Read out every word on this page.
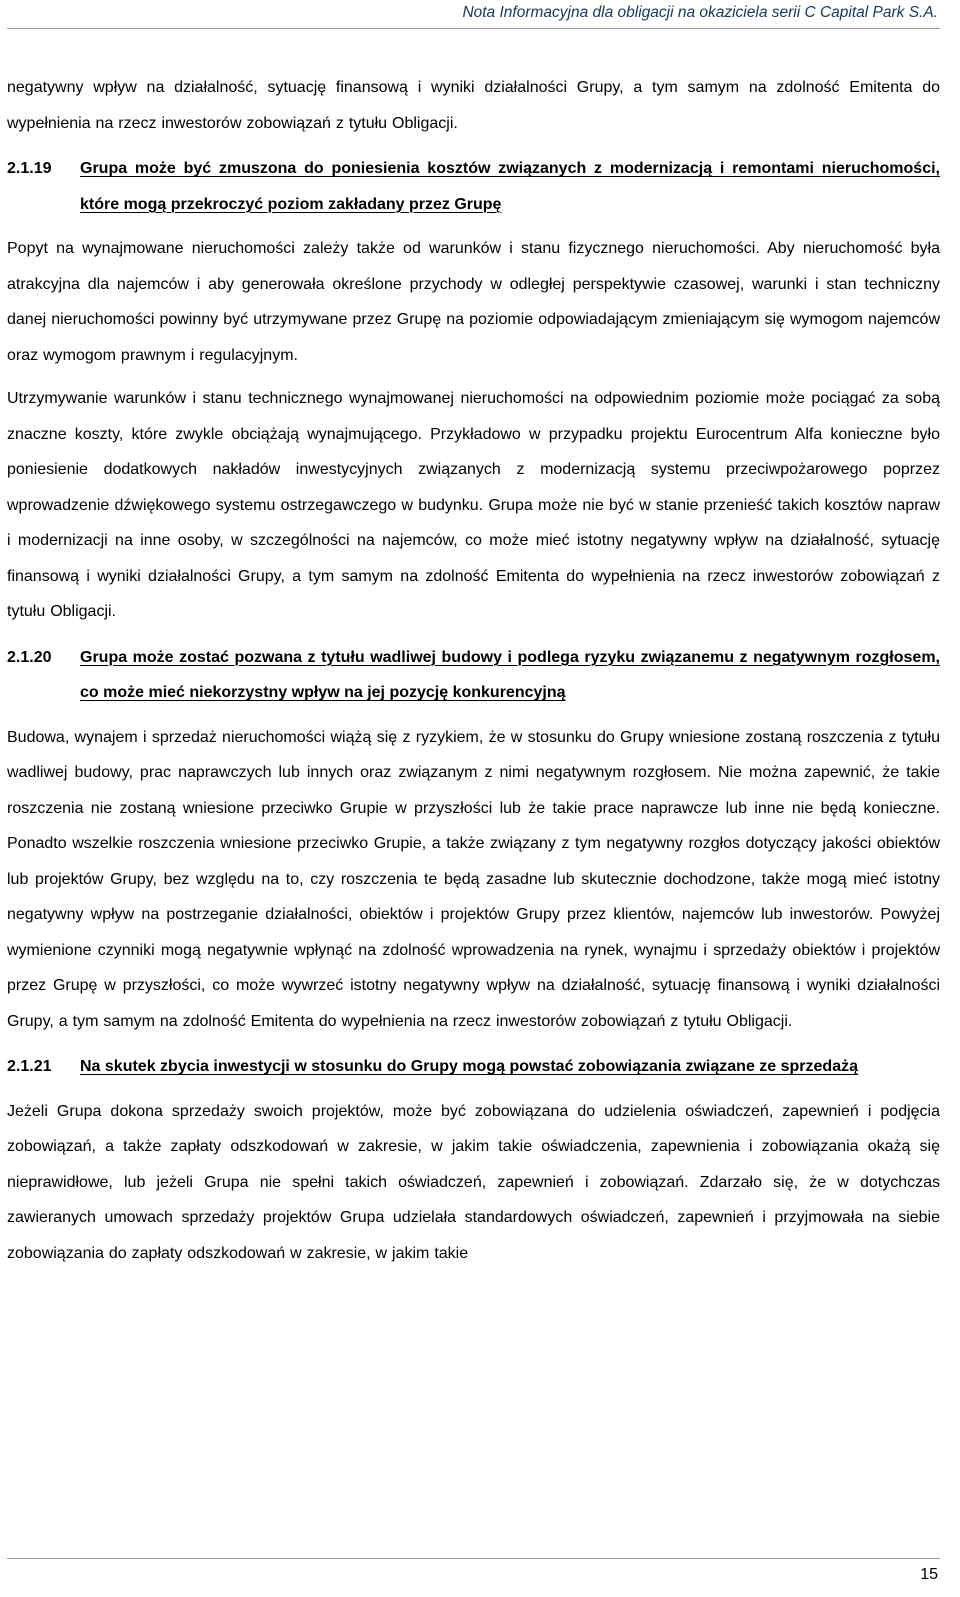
Nota Informacyjna dla obligacji na okaziciela serii C Capital Park S.A.

negatywny wpływ na działalność, sytuację finansową i wyniki działalności Grupy, a tym samym na zdolność Emitenta do wypełnienia na rzecz inwestorów zobowiązań z tytułu Obligacji.

2.1.19 Grupa może być zmuszona do poniesienia kosztów związanych z modernizacją i remontami nieruchomości, które mogą przekroczyć poziom zakładany przez Grupę

Popyt na wynajmowane nieruchomości zależy także od warunków i stanu fizycznego nieruchomości. Aby nieruchomość była atrakcyjna dla najemców i aby generowała określone przychody w odległej perspektywie czasowej, warunki i stan techniczny danej nieruchomości powinny być utrzymywane przez Grupę na poziomie odpowiadającym zmieniającym się wymogom najemców oraz wymogom prawnym i regulacyjnym.

Utrzymywanie warunków i stanu technicznego wynajmowanej nieruchomości na odpowiednim poziomie może pociągać za sobą znaczne koszty, które zwykle obciążają wynajmującego. Przykładowo w przypadku projektu Eurocentrum Alfa konieczne było poniesienie dodatkowych nakładów inwestycyjnych związanych z modernizacją systemu przeciwpożarowego poprzez wprowadzenie dźwiękowego systemu ostrzegawczego w budynku. Grupa może nie być w stanie przenieść takich kosztów napraw i modernizacji na inne osoby, w szczególności na najemców, co może mieć istotny negatywny wpływ na działalność, sytuację finansową i wyniki działalności Grupy, a tym samym na zdolność Emitenta do wypełnienia na rzecz inwestorów zobowiązań z tytułu Obligacji.

2.1.20 Grupa może zostać pozwana z tytułu wadliwej budowy i podlega ryzyku związanemu z negatywnym rozgłosem, co może mieć niekorzystny wpływ na jej pozycję konkurencyjną

Budowa, wynajem i sprzedaż nieruchomości wiążą się z ryzykiem, że w stosunku do Grupy wniesione zostaną roszczenia z tytułu wadliwej budowy, prac naprawczych lub innych oraz związanym z nimi negatywnym rozgłosem. Nie można zapewnić, że takie roszczenia nie zostaną wniesione przeciwko Grupie w przyszłości lub że takie prace naprawcze lub inne nie będą konieczne. Ponadto wszelkie roszczenia wniesione przeciwko Grupie, a także związany z tym negatywny rozgłos dotyczący jakości obiektów lub projektów Grupy, bez względu na to, czy roszczenia te będą zasadne lub skutecznie dochodzone, także mogą mieć istotny negatywny wpływ na postrzeganie działalności, obiektów i projektów Grupy przez klientów, najemców lub inwestorów. Powyżej wymienione czynniki mogą negatywnie wpłynąć na zdolność wprowadzenia na rynek, wynajmu i sprzedaży obiektów i projektów przez Grupę w przyszłości, co może wywrzeć istotny negatywny wpływ na działalność, sytuację finansową i wyniki działalności Grupy, a tym samym na zdolność Emitenta do wypełnienia na rzecz inwestorów zobowiązań z tytułu Obligacji.

2.1.21 Na skutek zbycia inwestycji w stosunku do Grupy mogą powstać zobowiązania związane ze sprzedażą

Jeżeli Grupa dokona sprzedaży swoich projektów, może być zobowiązana do udzielenia oświadczeń, zapewnień i podjęcia zobowiązań, a także zapłaty odszkodowań w zakresie, w jakim takie oświadczenia, zapewnienia i zobowiązania okażą się nieprawidłowe, lub jeżeli Grupa nie spełni takich oświadczeń, zapewnień i zobowiązań. Zdarzało się, że w dotychczas zawieranych umowach sprzedaży projektów Grupa udzielała standardowych oświadczeń, zapewnień i przyjmowała na siebie zobowiązania do zapłaty odszkodowań w zakresie, w jakim takie

15
